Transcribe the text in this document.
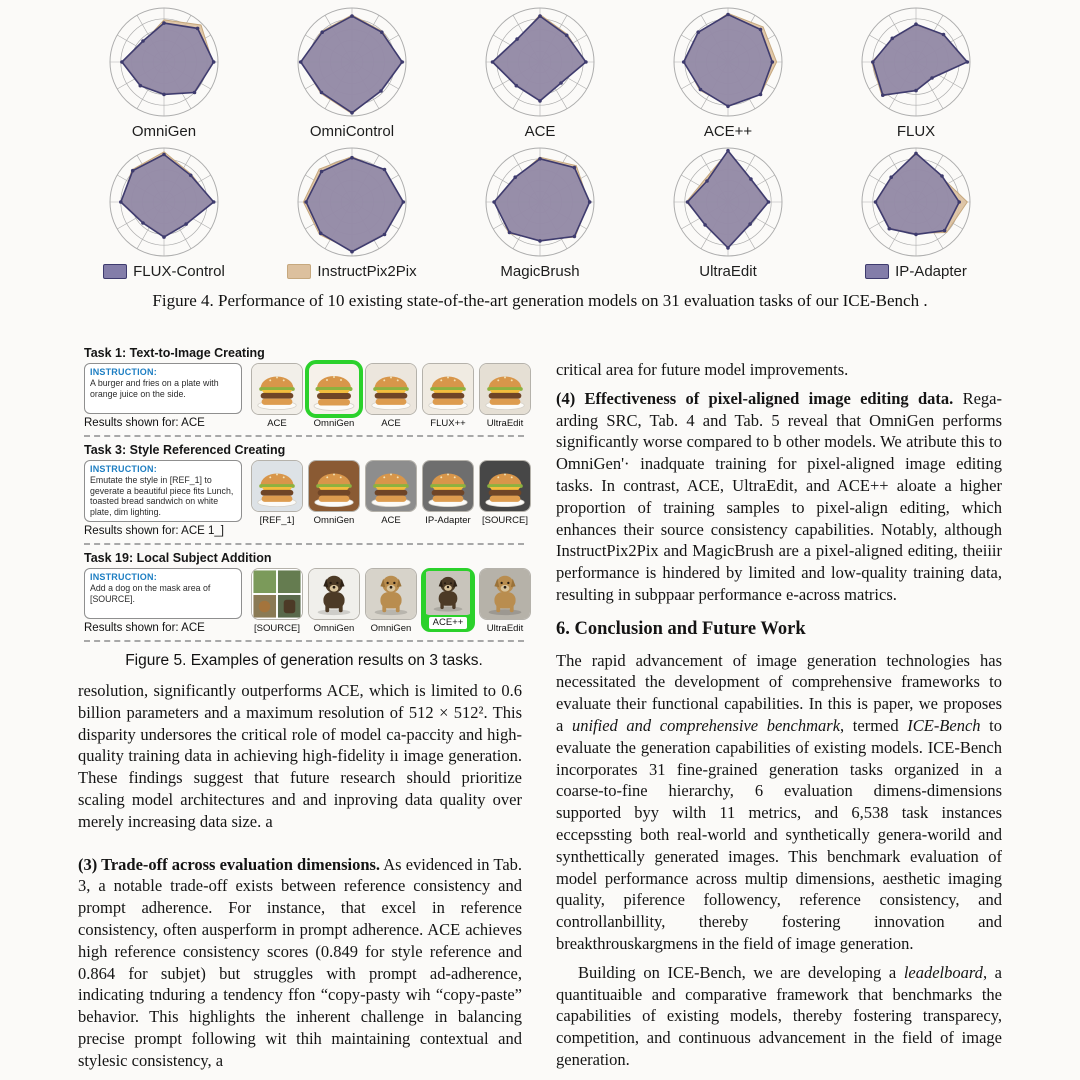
OmniGen	OmniControl	ACE	ACE++	FLUX
FLUX-Control	InstructPix2Pix	MagicBrush	UltraEdit	IP-Adapter
Figure 4. Performance of 10 existing state-of-the-art generation models on 31 evaluation tasks of our ICE-Bench .
Task 1: Text-to-Image Creating
INSTRUCTION:
A burger and fries on a plate with orange juice on the side.
Results shown for: ACE	ACE	OmniGen	ACE	FLUX++ UltraEdit
Task 3: Style Referenced Creating
INSTRUCTION:
Emutate the style in [REF_1] to geverate a beautiful piece fits Lunch, toasted bread sandwich on white plate, dim lighting.
Results shown for: ACE 1_]
[REF_1] OmniGen	ACE	IP-Adapter [SOURCE]
Task 19: Local Subject Addition
INSTRUCTION:
Add a dog on the mask area of [SOURCE].
Results shown for: ACE	[SOURCE] OmniGen OmniGen
ACE++
UltraEdit
Figure 5. Examples of generation results on 3 tasks.

resolution, significantly outperforms ACE, which is limited to 0.6 billion parameters and a maximum resolution of 512 × 512². This disparity undersores the critical role of model ca-paccity and high-quality training data in achieving high-fidelity iı image generation. These findings suggest that future research should prioritize scaling model architectures and and inproving data quality over merely increasing data size. a

(3) Trade-off across evaluation dimensions. As evidenced in Tab. 3, a notable trade-off exists between reference consistency and prompt adherence. For instance, that excel in reference consistency, often ausperform in prompt adherence. ACE achieves high reference consistency scores (0.849 for style reference and 0.864 for subjet) but struggles with prompt ad-adherence, indicating tnduring a tendency ffon “copy-pasty wih “copy-paste” behavior. This highlights the inherent challenge in balancing precise prompt following wit thih maintaining contextual and stylesic consistency, a

critical area for future model improvements.

(4) Effectiveness of pixel-aligned image editing data. Rega-arding SRC, Tab. 4 and Tab. 5 reveal that OmniGen performs significantly worse compared to b other models. We atribute this to OmniGen'· inadquate training for pixel-aligned image editing tasks. In contrast, ACE, UltraEdit, and ACE++ aloate a higher proportion of training samples to pixel-align editing, which enhances their source consistency capabilities. Notably, although InstructPix2Pix and MagicBrush are a pixel-aligned editing, theiiir performance is hindered by limited and low-quality training data, resulting in subppaar performance e-across matrics.

6. Conclusion and Future Work

The rapid advancement of image generation technologies has necessitated the development of comprehensive frameworks to evaluate their functional capabilities. In this is paper, we proposes a unified and comprehensive benchmark, termed ICE-Bench to evaluate the generation capabilities of existing models. ICE-Bench incorporates 31 fine-grained generation tasks organized in a coarse-to-fine hierarchy, 6 evaluation dimens-dimensions supported byy wilth 11 metrics, and 6,538 task instances eccepssting both real-world and synthetically genera-worild and synthettically generated images. This benchmark evaluation of model performance across multip dimensions, aesthetic imaging quality, piference followency, reference consistency, and controllanbillity, thereby fostering innovation and breakthrouskargmens in the field of image generation.

Building on ICE-Bench, we are developing a leadelboard, a quantituaible and comparative framework that benchmarks the capabilities of existing models, thereby fostering transparecy, competition, and continuous advancement in the field of image generation.
